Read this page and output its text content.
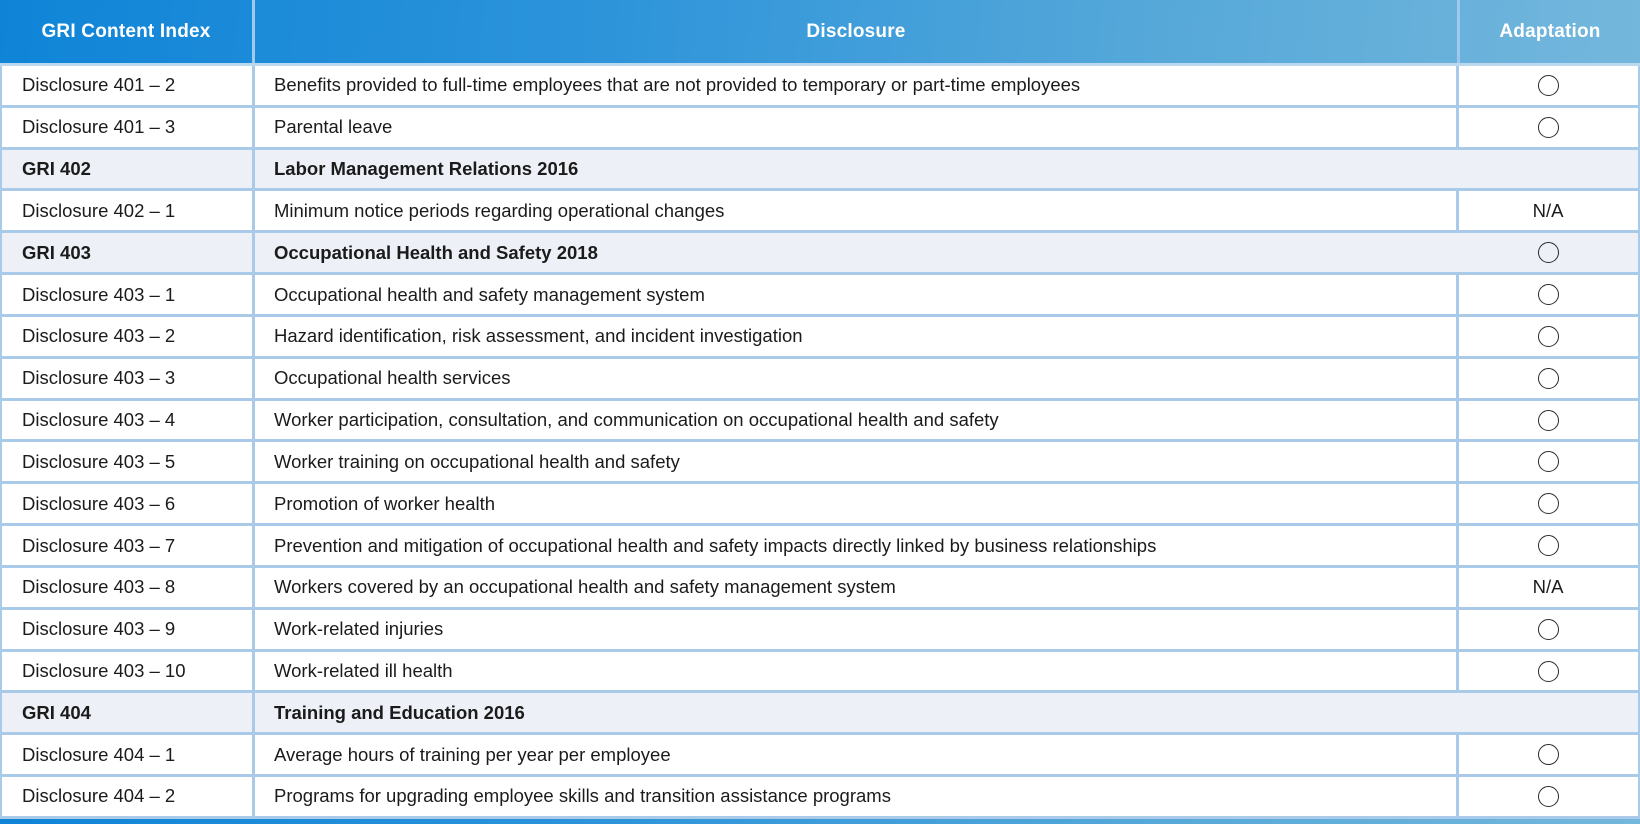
GRI Content Index	Disclosure	Adaptation
Disclosure 401 – 2	Benefits provided to full-time employees that are not provided to temporary or part-time employees
Disclosure 401 – 3	Parental leave
GRI 402	Labor Management Relations 2016
Disclosure 402 – 1	Minimum notice periods regarding operational changes	N/A
GRI 403	Occupational Health and Safety 2018
Disclosure 403 – 1	Occupational health and safety management system
Disclosure 403 – 2	Hazard identification, risk assessment, and incident investigation
Disclosure 403 – 3	Occupational health services
Disclosure 403 – 4	Worker participation, consultation, and communication on occupational health and safety
Disclosure 403 – 5	Worker training on occupational health and safety
Disclosure 403 – 6	Promotion of worker health
Disclosure 403 – 7	Prevention and mitigation of occupational health and safety impacts directly linked by business relationships
Disclosure 403 – 8	Workers covered by an occupational health and safety management system	N/A
Disclosure 403 – 9	Work-related injuries
Disclosure 403 – 10	Work-related ill health
GRI 404	Training and Education 2016
Disclosure 404 – 1	Average hours of training per year per employee
Disclosure 404 – 2	Programs for upgrading employee skills and transition assistance programs
